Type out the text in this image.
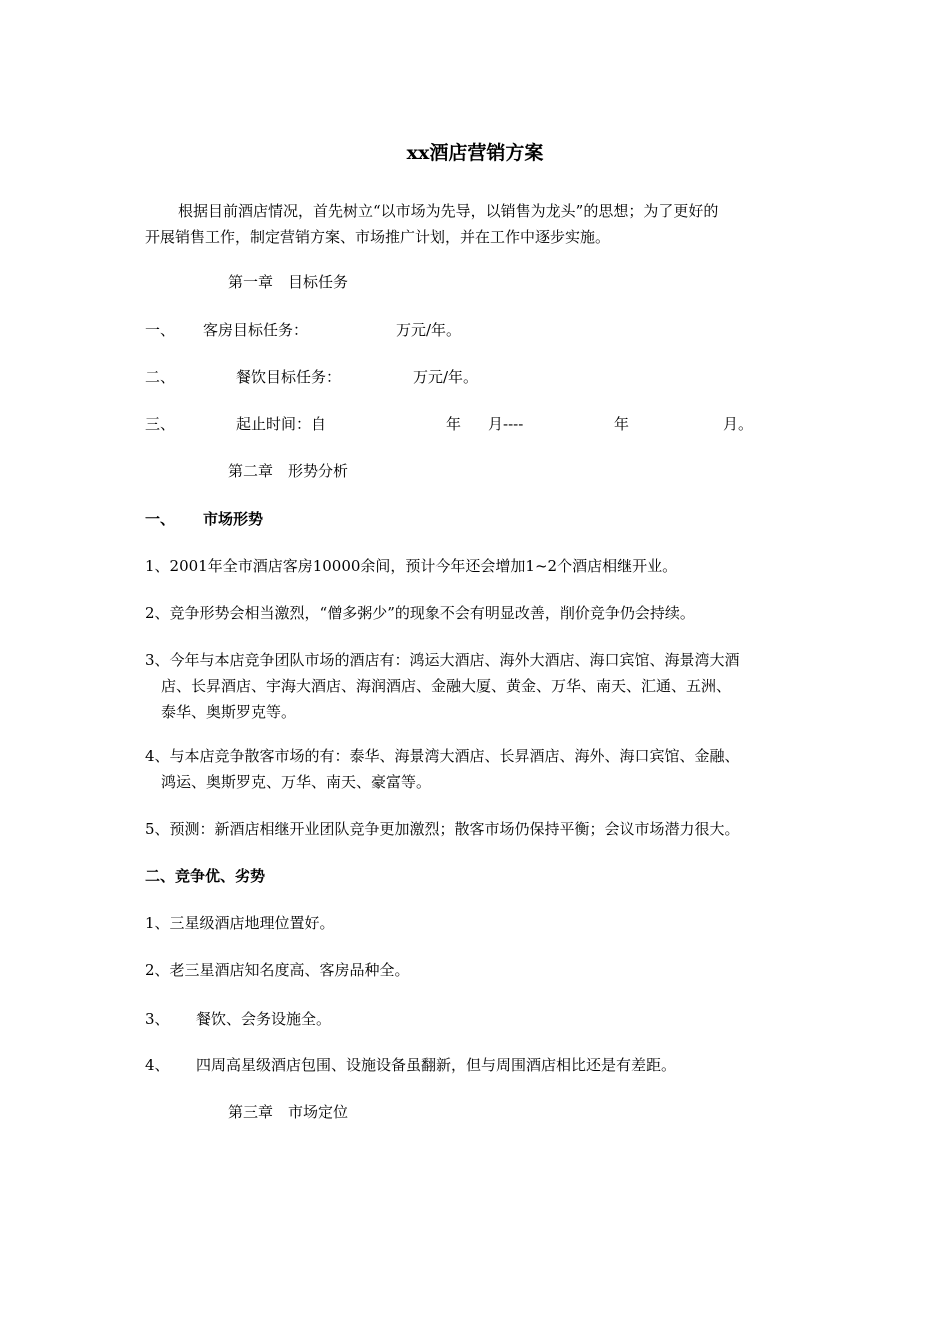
xx酒店营销方案
根据目前酒店情况，首先树立“以市场为先导，以销售为龙头”的思想；为了更好的
开展销售工作，制定营销方案、市场推广计划，并在工作中逐步实施。
第一章　目标任务
一、 客房目标任务：	万元/年。
二、	餐饮目标任务：	万元/年。
三、	起止时间：自	年 月----	年	月。
第二章　形势分析
一、 市场形势
1、2001年全市酒店客房10000余间，预计今年还会增加1~2个酒店相继开业。
2、竞争形势会相当激烈，“僧多粥少”的现象不会有明显改善，削价竞争仍会持续。
3、今年与本店竞争团队市场的酒店有：鸿运大酒店、海外大酒店、海口宾馆、海景湾大酒
店、长昇酒店、宇海大酒店、海润酒店、金融大厦、黄金、万华、南天、汇通、五洲、
泰华、奥斯罗克等。
4、与本店竞争散客市场的有：泰华、海景湾大酒店、长昇酒店、海外、海口宾馆、金融、
鸿运、奥斯罗克、万华、南天、豪富等。
5、预测：新酒店相继开业团队竞争更加激烈；散客市场仍保持平衡；会议市场潜力很大。
二、竞争优、劣势
1、三星级酒店地理位置好。
2、老三星酒店知名度高、客房品种全。
3、 餐饮、会务设施全。
4、 四周高星级酒店包围、设施设备虽翻新，但与周围酒店相比还是有差距。
第三章　市场定位
